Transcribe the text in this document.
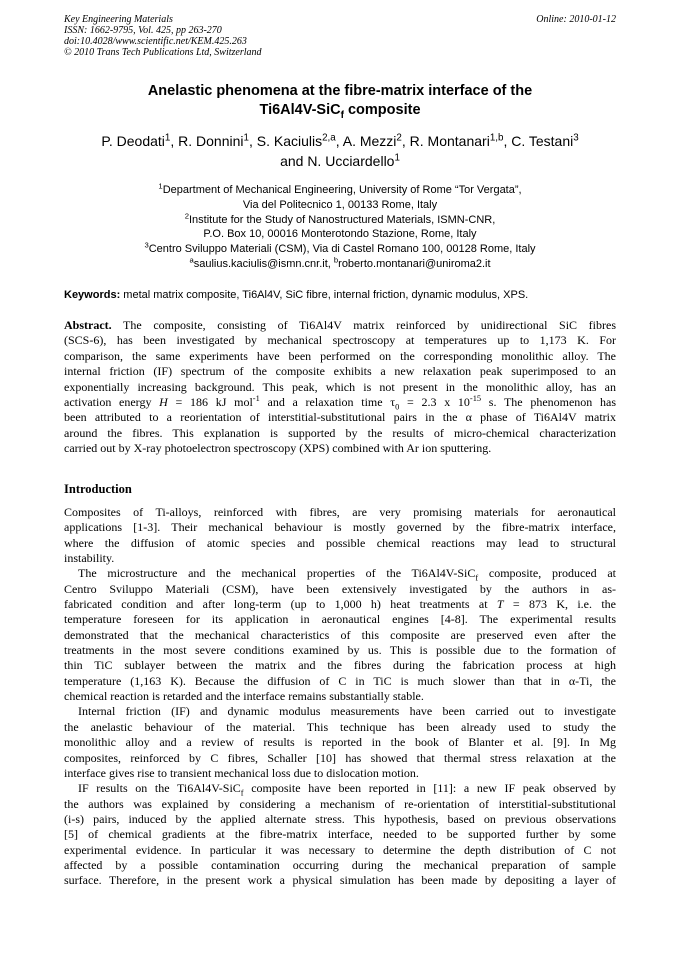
Key Engineering Materials
ISSN: 1662-9795, Vol. 425, pp 263-270
doi:10.4028/www.scientific.net/KEM.425.263
© 2010 Trans Tech Publications Ltd, Switzerland
Online: 2010-01-12
Anelastic phenomena at the fibre-matrix interface of the
Ti6Al4V-SiC$_f$ composite
P. Deodati$^1$, R. Donnini$^1$, S. Kaciulis$^{2,a}$, A. Mezzi$^2$, R. Montanari$^{1,b}$, C. Testani$^3$
and N. Ucciardello$^1$
$^1$Department of Mechanical Engineering, University of Rome “Tor Vergata”,
Via del Politecnico 1, 00133 Rome, Italy
$^2$Institute for the Study of Nanostructured Materials, ISMN-CNR,
P.O. Box 10, 00016 Monterotondo Stazione, Rome, Italy
$^3$Centro Sviluppo Materiali (CSM), Via di Castel Romano 100, 00128 Rome, Italy
$^a$saulius.kaciulis@ismn.cnr.it, $^b$roberto.montanari@uniroma2.it
Keywords: metal matrix composite, Ti6Al4V, SiC fibre, internal friction, dynamic modulus, XPS.
Abstract. The composite, consisting of Ti6Al4V matrix reinforced by unidirectional SiC fibres
(SCS-6), has been investigated by mechanical spectroscopy at temperatures up to 1,173 K. For
comparison, the same experiments have been performed on the corresponding monolithic alloy. The
internal friction (IF) spectrum of the composite exhibits a new relaxation peak superimposed to an
exponentially increasing background. This peak, which is not present in the monolithic alloy, has an
activation energy H = 186 kJ mol$^{-1}$ and a relaxation time $\tau_0 = 2.3$ x $10^{-15}$ s. The phenomenon has
been attributed to a reorientation of interstitial-substitutional pairs in the α phase of Ti6Al4V matrix
around the fibres. This explanation is supported by the results of micro-chemical characterization
carried out by X-ray photoelectron spectroscopy (XPS) combined with Ar ion sputtering.
Introduction
Composites of Ti-alloys, reinforced with fibres, are very promising materials for aeronautical
applications [1-3]. Their mechanical behaviour is mostly governed by the fibre-matrix interface,
where the diffusion of atomic species and possible chemical reactions may lead to structural
instability.
The microstructure and the mechanical properties of the Ti6Al4V-SiC$_f$ composite, produced at
Centro Sviluppo Materiali (CSM), have been extensively investigated by the authors in as-
fabricated condition and after long-term (up to 1,000 h) heat treatments at T = 873 K, i.e. the
temperature foreseen for its application in aeronautical engines [4-8]. The experimental results
demonstrated that the mechanical characteristics of this composite are preserved even after the
treatments in the most severe conditions examined by us. This is possible due to the formation of
thin TiC sublayer between the matrix and the fibres during the fabrication process at high
temperature (1,163 K). Because the diffusion of C in TiC is much slower than that in α-Ti, the
chemical reaction is retarded and the interface remains substantially stable.
Internal friction (IF) and dynamic modulus measurements have been carried out to investigate
the anelastic behaviour of the material. This technique has been already used to study the
monolithic alloy and a review of results is reported in the book of Blanter et al. [9]. In Mg
composites, reinforced by C fibres, Schaller [10] has showed that thermal stress relaxation at the
interface gives rise to transient mechanical loss due to dislocation motion.
IF results on the Ti6Al4V-SiC$_f$ composite have been reported in [11]: a new IF peak observed by
the authors was explained by considering a mechanism of re-orientation of interstitial-substitutional
(i-s) pairs, induced by the applied alternate stress. This hypothesis, based on previous observations
[5] of chemical gradients at the fibre-matrix interface, needed to be supported further by some
experimental evidence. In particular it was necessary to determine the depth distribution of C not
affected by a possible contamination occurring during the mechanical preparation of sample
surface. Therefore, in the present work a physical simulation has been made by depositing a layer of
